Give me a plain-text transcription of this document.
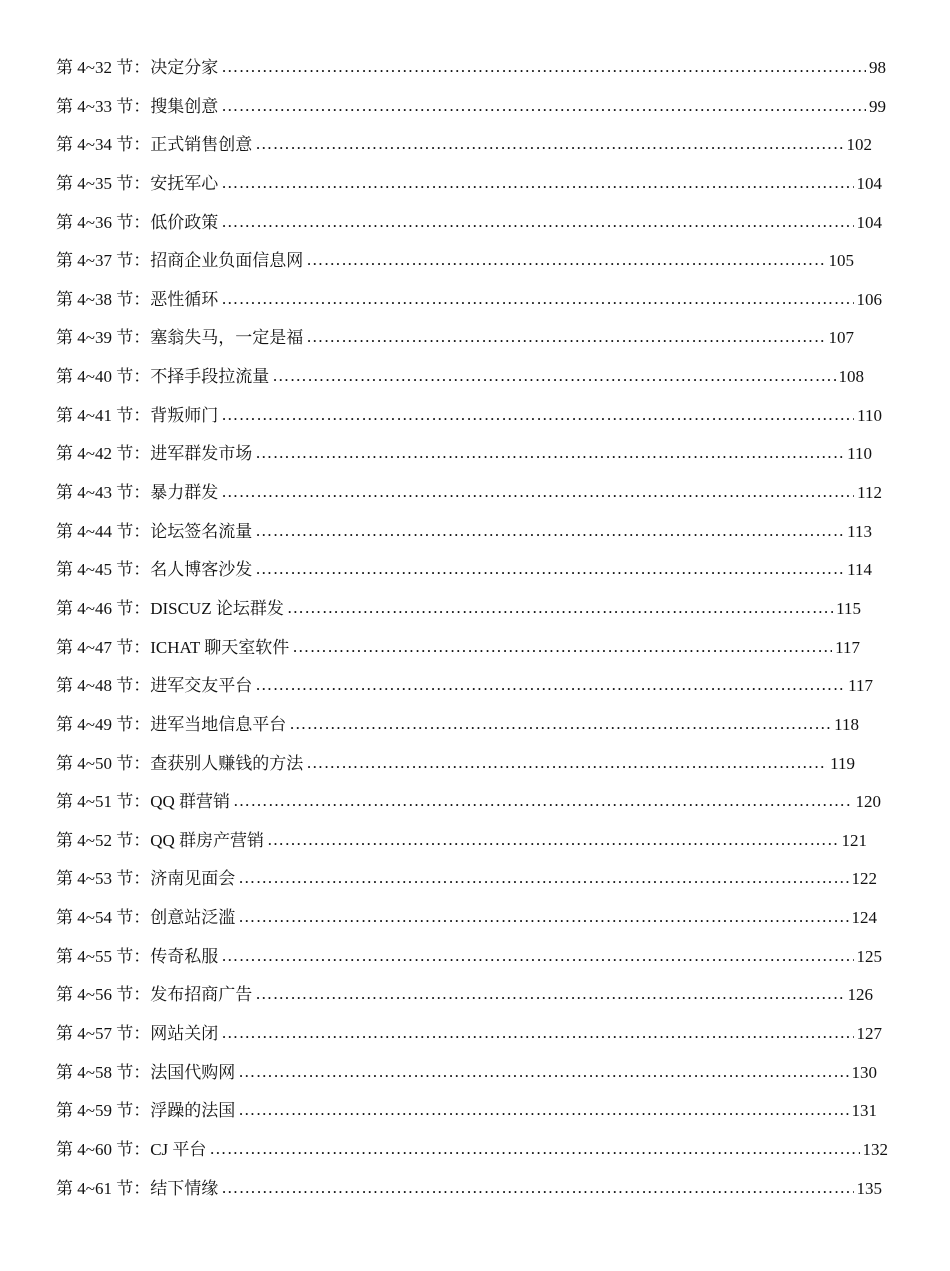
第 4~32 节：决定分家 ……………………………………………………………………………………………………………………………………………………………………………………………………………………………………………………………………………	98
第 4~33 节：搜集创意 ……………………………………………………………………………………………………………………………………………………………………………………………………………………………………………………………………………	99
第 4~34 节：正式销售创意 ……………………………………………………………………………………………………………………………………………………………………………………………………………………………………………………………………………	102
第 4~35 节：安抚军心 ……………………………………………………………………………………………………………………………………………………………………………………………………………………………………………………………………………	104
第 4~36 节：低价政策 ……………………………………………………………………………………………………………………………………………………………………………………………………………………………………………………………………………	104
第 4~37 节：招商企业负面信息网 ……………………………………………………………………………………………………………………………………………………………………………………………………………………………………………………………………………	105
第 4~38 节：恶性循环 ……………………………………………………………………………………………………………………………………………………………………………………………………………………………………………………………………………	106
第 4~39 节：塞翁失马，一定是福 ……………………………………………………………………………………………………………………………………………………………………………………………………………………………………………………………………………	107
第 4~40 节：不择手段拉流量 ……………………………………………………………………………………………………………………………………………………………………………………………………………………………………………………………………………	108
第 4~41 节：背叛师门 ……………………………………………………………………………………………………………………………………………………………………………………………………………………………………………………………………………	110
第 4~42 节：进军群发市场 ……………………………………………………………………………………………………………………………………………………………………………………………………………………………………………………………………………	110
第 4~43 节：暴力群发 ……………………………………………………………………………………………………………………………………………………………………………………………………………………………………………………………………………	112
第 4~44 节：论坛签名流量 ……………………………………………………………………………………………………………………………………………………………………………………………………………………………………………………………………………	113
第 4~45 节：名人博客沙发 ……………………………………………………………………………………………………………………………………………………………………………………………………………………………………………………………………………	114
第 4~46 节：DISCUZ 论坛群发 ……………………………………………………………………………………………………………………………………………………………………………………………………………………………………………………………………………	115
第 4~47 节：ICHAT 聊天室软件 ……………………………………………………………………………………………………………………………………………………………………………………………………………………………………………………………………………	117
第 4~48 节：进军交友平台 ……………………………………………………………………………………………………………………………………………………………………………………………………………………………………………………………………………	117
第 4~49 节：进军当地信息平台 ……………………………………………………………………………………………………………………………………………………………………………………………………………………………………………………………………………	118
第 4~50 节：查获别人赚钱的方法 ……………………………………………………………………………………………………………………………………………………………………………………………………………………………………………………………………………	119
第 4~51 节：QQ 群营销 ……………………………………………………………………………………………………………………………………………………………………………………………………………………………………………………………………………	120
第 4~52 节：QQ 群房产营销 ……………………………………………………………………………………………………………………………………………………………………………………………………………………………………………………………………………	121
第 4~53 节：济南见面会 ……………………………………………………………………………………………………………………………………………………………………………………………………………………………………………………………………………	122
第 4~54 节：创意站泛滥 ……………………………………………………………………………………………………………………………………………………………………………………………………………………………………………………………………………	124
第 4~55 节：传奇私服 ……………………………………………………………………………………………………………………………………………………………………………………………………………………………………………………………………………	125
第 4~56 节：发布招商广告 ……………………………………………………………………………………………………………………………………………………………………………………………………………………………………………………………………………	126
第 4~57 节：网站关闭 ……………………………………………………………………………………………………………………………………………………………………………………………………………………………………………………………………………	127
第 4~58 节：法国代购网 ……………………………………………………………………………………………………………………………………………………………………………………………………………………………………………………………………………	130
第 4~59 节：浮躁的法国 ……………………………………………………………………………………………………………………………………………………………………………………………………………………………………………………………………………	131
第 4~60 节：CJ 平台 ……………………………………………………………………………………………………………………………………………………………………………………………………………………………………………………………………………	132
第 4~61 节：结下情缘 ……………………………………………………………………………………………………………………………………………………………………………………………………………………………………………………………………………	135
